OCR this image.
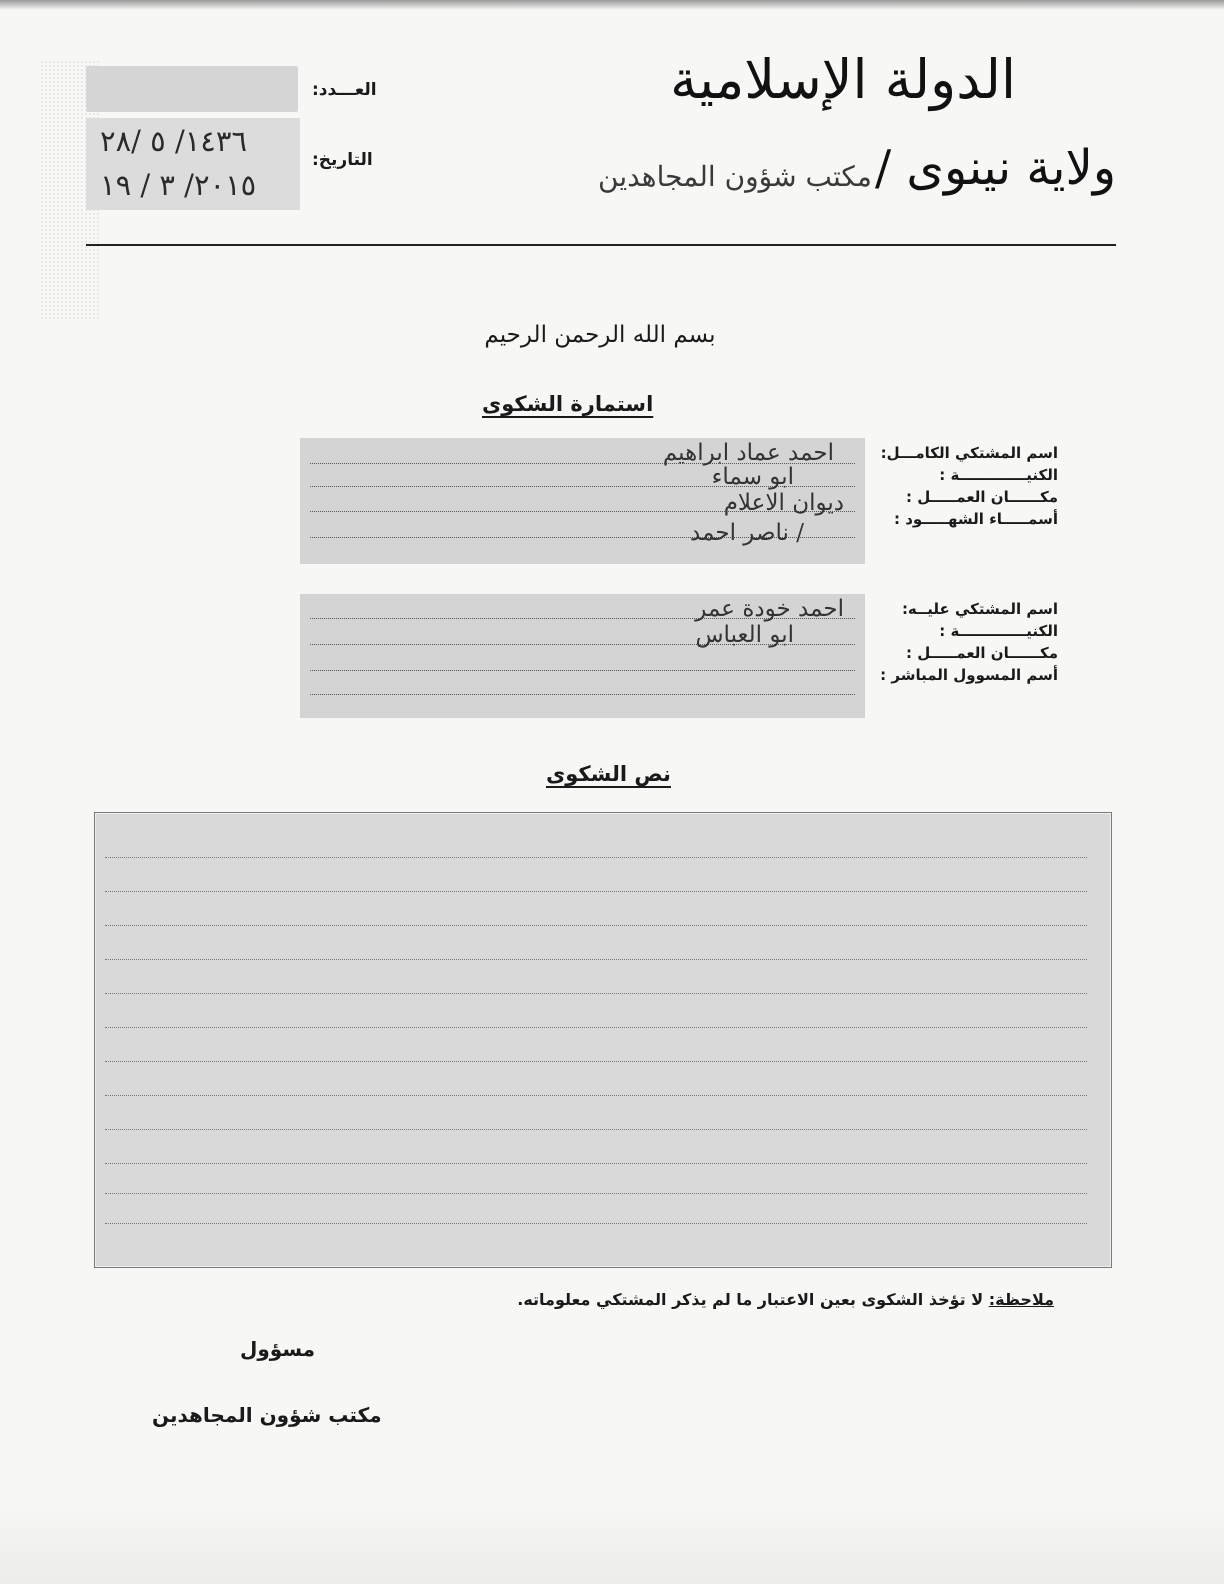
العـــدد:
التاريخ:
١٤٣٦/ ٥ /٢٨
٢٠١٥/ ٣ / ١٩
الدولة الإسلامية
ولاية نينوى /
مكتب شؤون المجاهدين
بسم الله الرحمن الرحيم
استمارة الشكوى
اسم المشتكي الكامـــل:
الكنيـــــــــــــة :
مكــــــان العمـــــل :
أسمـــــاء الشهـــــود :
احمد عماد ابراهيم
ابو سماء
ديوان الاعلام
/ ناصر احمد
اسم المشتكي عليــه:
الكنيـــــــــــــة :
مكــــــان العمـــــل :
أسم المسوول المباشر :
احمد خودة عمر
ابو العباس
نص الشكوى
ملاحظة: لا تؤخذ الشكوى بعين الاعتبار ما لم يذكر المشتكي معلوماته.
مسؤول
مكتب شؤون المجاهدين
